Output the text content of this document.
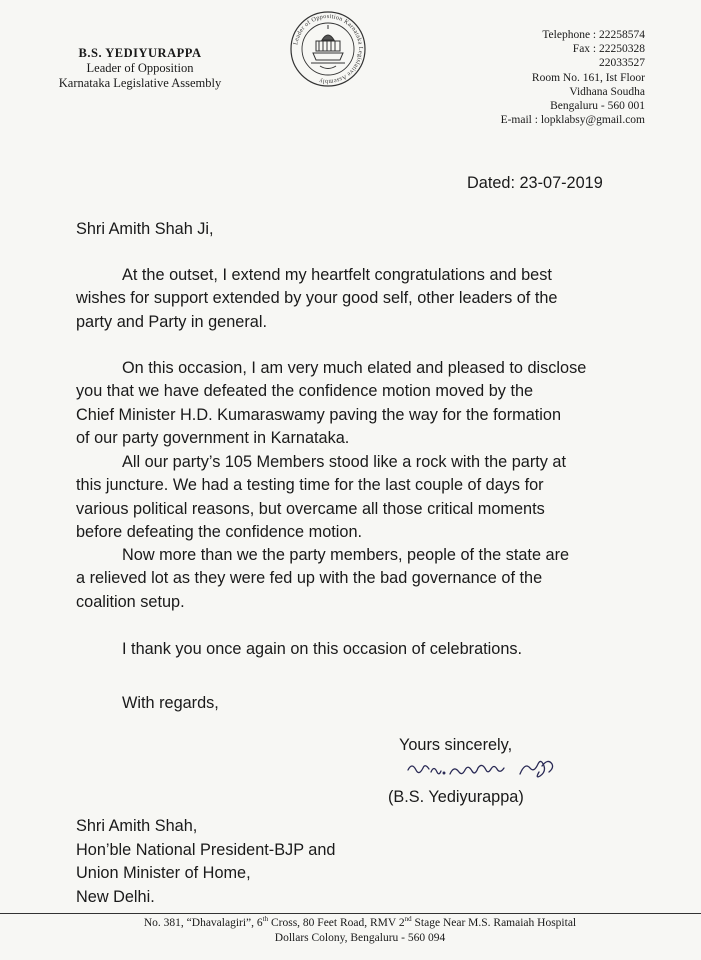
B.S. YEDIYURAPPA
Leader of Opposition
Karnataka Legislative Assembly
Leader of Opposition Karnataka Legislative Assembly
Telephone : 22258574
Fax : 22250328
22033527
Room No. 161, Ist Floor
Vidhana Soudha
Bengaluru - 560 001
E-mail : lopklabsy@gmail.com
Dated: 23-07-2019
Shri Amith Shah Ji,
At the outset, I extend my heartfelt congratulations and best
wishes for support extended by your good self, other leaders of the
party and Party in general.
On this occasion, I am very much elated and pleased to disclose
you that we have defeated the confidence motion moved by the
Chief Minister H.D. Kumaraswamy paving the way for the formation
of our party government in Karnataka.
All our party’s 105 Members stood like a rock with the party at
this juncture. We had a testing time for the last couple of days for
various political reasons, but overcame all those critical moments
before defeating the confidence motion.
Now more than we the party members, people of the state are
a relieved lot as they were fed up with the bad governance of the
coalition setup.
I thank you once again on this occasion of celebrations.
With regards,
Yours sincerely,
(B.S. Yediyurappa)
Shri Amith Shah,
Hon’ble National President-BJP and
Union Minister of Home,
New Delhi.
No. 381, “Dhavalagiri”, 6th Cross, 80 Feet Road, RMV 2nd Stage Near M.S. Ramaiah Hospital
Dollars Colony, Bengaluru - 560 094
